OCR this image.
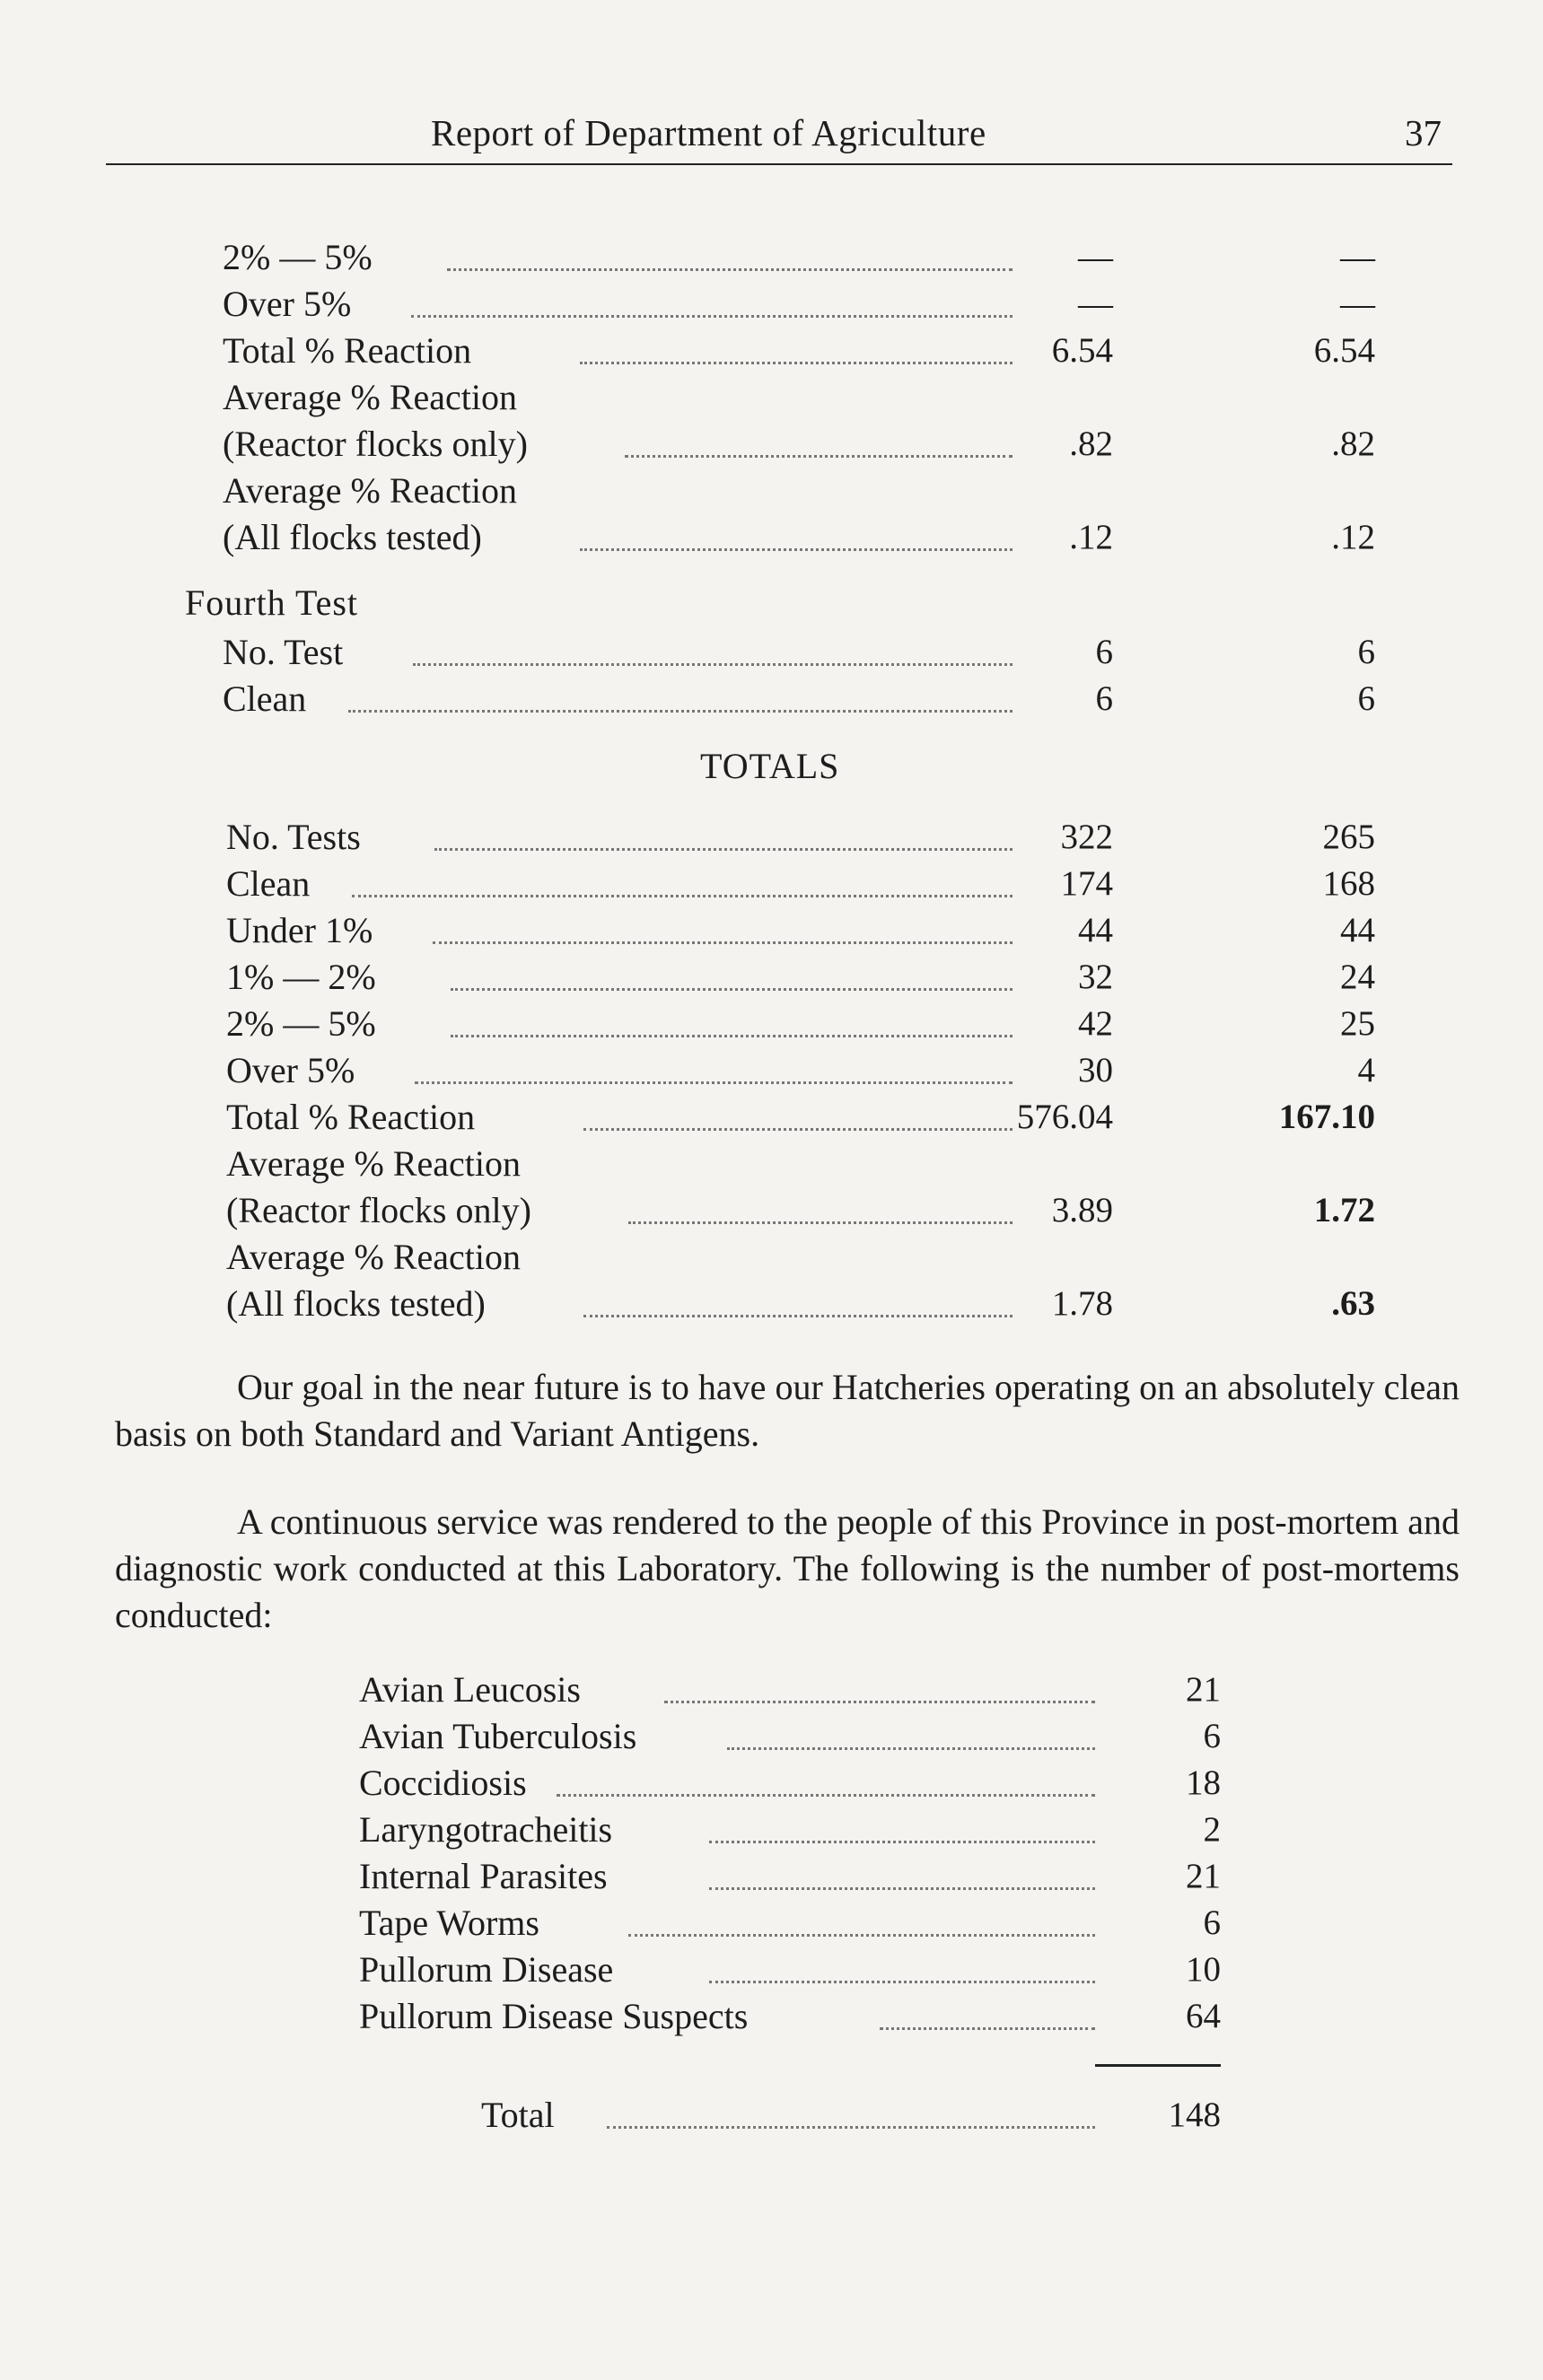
Report of Department of Agriculture	37
2% — 5%	—	—
Over 5%	—	—
Total % Reaction	6.54	6.54
Average % Reaction
(Reactor flocks only)	.82	.82
Average % Reaction
(All flocks tested)	.12	.12
Fourth Test
No. Test	6	6
Clean	6	6
TOTALS
No. Tests	322	265
Clean	174	168
Under 1%	44	44
1% — 2%	32	24
2% — 5%	42	25
Over 5%	30	4
Total % Reaction	576.04	167.10
Average % Reaction
(Reactor flocks only)	3.89	1.72
Average % Reaction
(All flocks tested)	1.78	.63

Our goal in the near future is to have our Hatcheries operating on an absolutely clean basis on both Standard and Variant Antigens.

A continuous service was rendered to the people of this Province in post-mortem and diagnostic work conducted at this Laboratory. The following is the number of post-mortems conducted:

Avian Leucosis	21
Avian Tuberculosis	6
Coccidiosis	18
Laryngotracheitis	2
Internal Parasites	21
Tape Worms	6
Pullorum Disease	10
Pullorum Disease Suspects	64
Total	148
